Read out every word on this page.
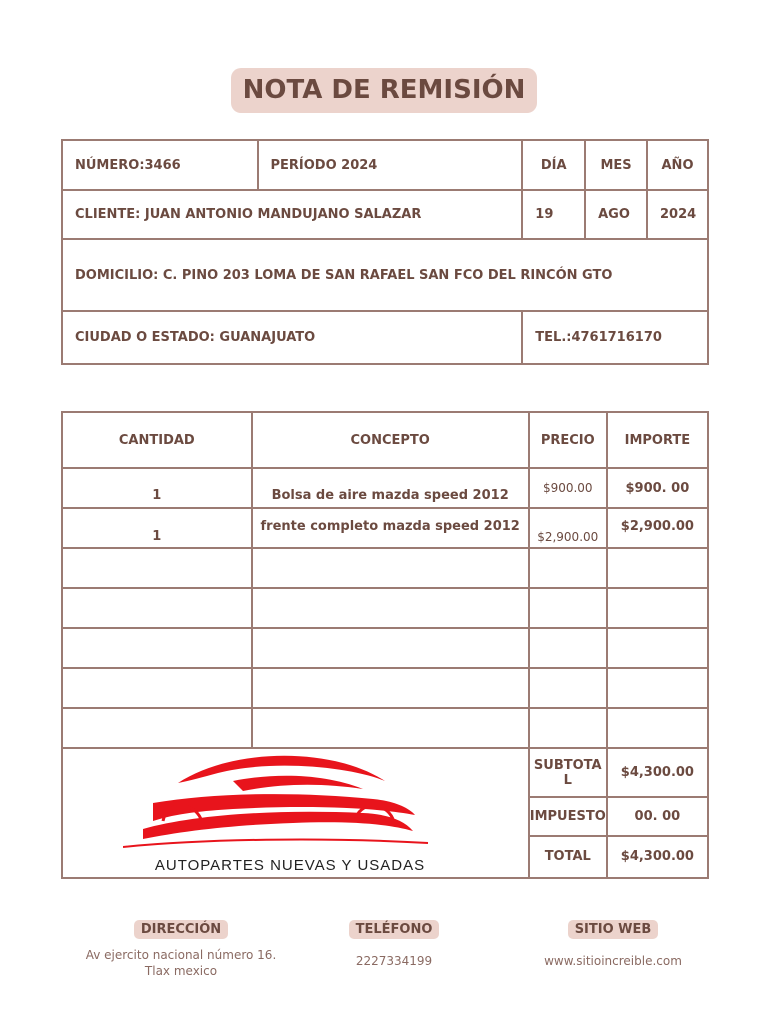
NOTA DE REMISIÓN
NÚMERO:3466	PERÍODO 2024	DÍA	MES	AÑO
CLIENTE: JUAN ANTONIO MANDUJANO SALAZAR		19	AGO	2024
DOMICILIO: C. PINO 203 LOMA DE SAN RAFAEL SAN FCO DEL RINCÓN GTO				
CIUDAD O ESTADO: GUANAJUATO		TEL.:4761716170		
CANTIDAD	CONCEPTO	PRECIO	IMPORTE
1	Bolsa de aire mazda speed 2012	$900.00	$900. 00
1	frente completo mazda speed 2012	$2,900.00	$2,900.00

AUTOPARTES NUEVAS Y USADAS		SUBTOTA L	$4,300.00
		IMPUESTO	00. 00
		TOTAL	$4,300.00
DIRECCIÓN
Av ejercito nacional número 16. Tlax mexico
TELÉFONO
2227334199
SITIO WEB
www.sitioincreible.com
